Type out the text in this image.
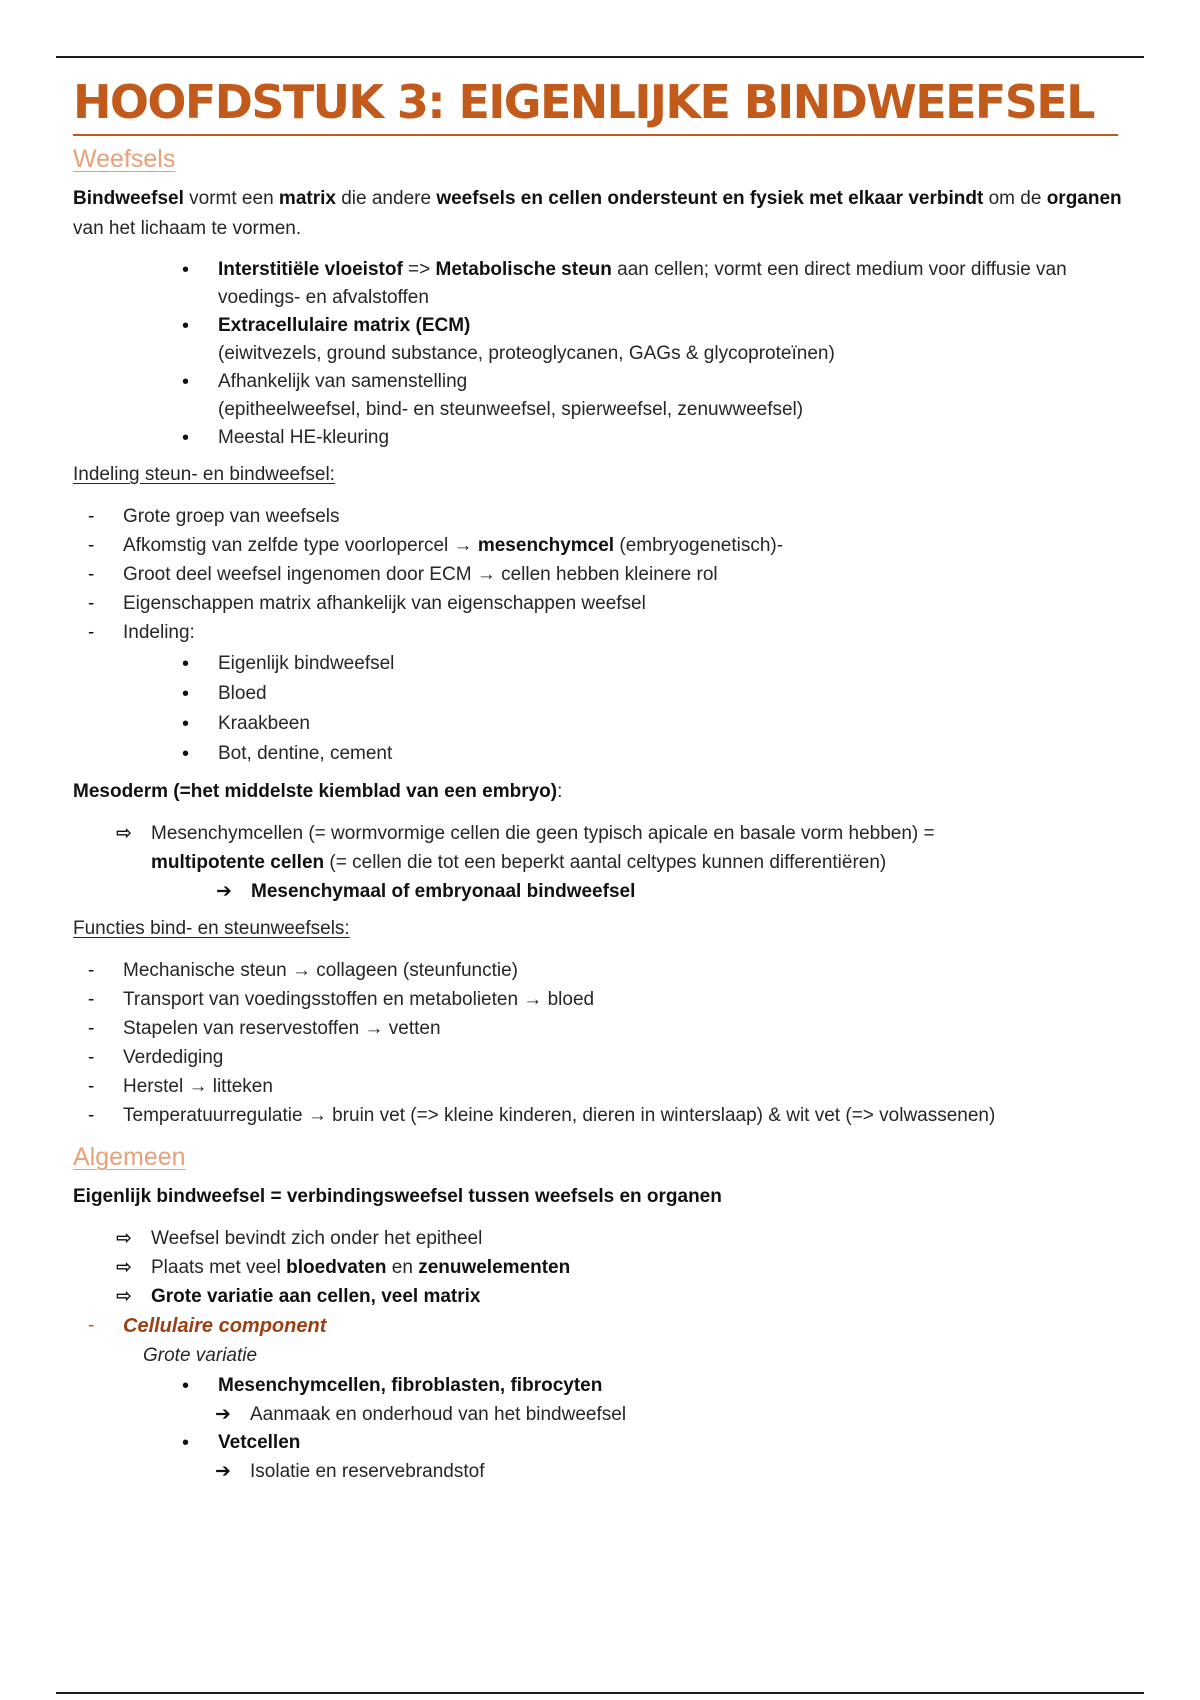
HOOFDSTUK 3: EIGENLIJKE BINDWEEFSEL
Weefsels

Bindweefsel vormt een matrix die andere weefsels en cellen ondersteunt en fysiek met elkaar verbindt om de organen van het lichaam te vormen.

• Interstitiële vloeistof => Metabolische steun aan cellen; vormt een direct medium voor diffusie van voedings- en afvalstoffen
• Extracellulaire matrix (ECM)
(eiwitvezels, ground substance, proteoglycanen, GAGs & glycoproteïnen)
• Afhankelijk van samenstelling
(epitheelweefsel, bind- en steunweefsel, spierweefsel, zenuwweefsel)
• Meestal HE-kleuring

Indeling steun- en bindweefsel:

- Grote groep van weefsels
- Afkomstig van zelfde type voorlopercel → mesenchymcel (embryogenetisch)-
- Groot deel weefsel ingenomen door ECM → cellen hebben kleinere rol
- Eigenschappen matrix afhankelijk van eigenschappen weefsel
- Indeling:
• Eigenlijk bindweefsel
• Bloed
• Kraakbeen
• Bot, dentine, cement

Mesoderm (=het middelste kiemblad van een embryo):

⇨ Mesenchymcellen (= wormvormige cellen die geen typisch apicale en basale vorm hebben) =
multipotente cellen (= cellen die tot een beperkt aantal celtypes kunnen differentiëren)

➔ Mesenchymaal of embryonaal bindweefsel

Functies bind- en steunweefsels:

- Mechanische steun → collageen (steunfunctie)
- Transport van voedingsstoffen en metabolieten → bloed
- Stapelen van reservestoffen → vetten
- Verdediging
- Herstel → litteken
- Temperatuurregulatie → bruin vet (=> kleine kinderen, dieren in winterslaap) & wit vet (=> volwassenen)
Algemeen

Eigenlijk bindweefsel = verbindingsweefsel tussen weefsels en organen

⇨ Weefsel bevindt zich onder het epitheel
⇨ Plaats met veel bloedvaten en zenuwelementen
⇨ Grote variatie aan cellen, veel matrix

- Cellulaire component

Grote variatie

• Mesenchymcellen, fibroblasten, fibrocyten

➔ Aanmaak en onderhoud van het bindweefsel

• Vetcellen

➔ Isolatie en reservebrandstof
